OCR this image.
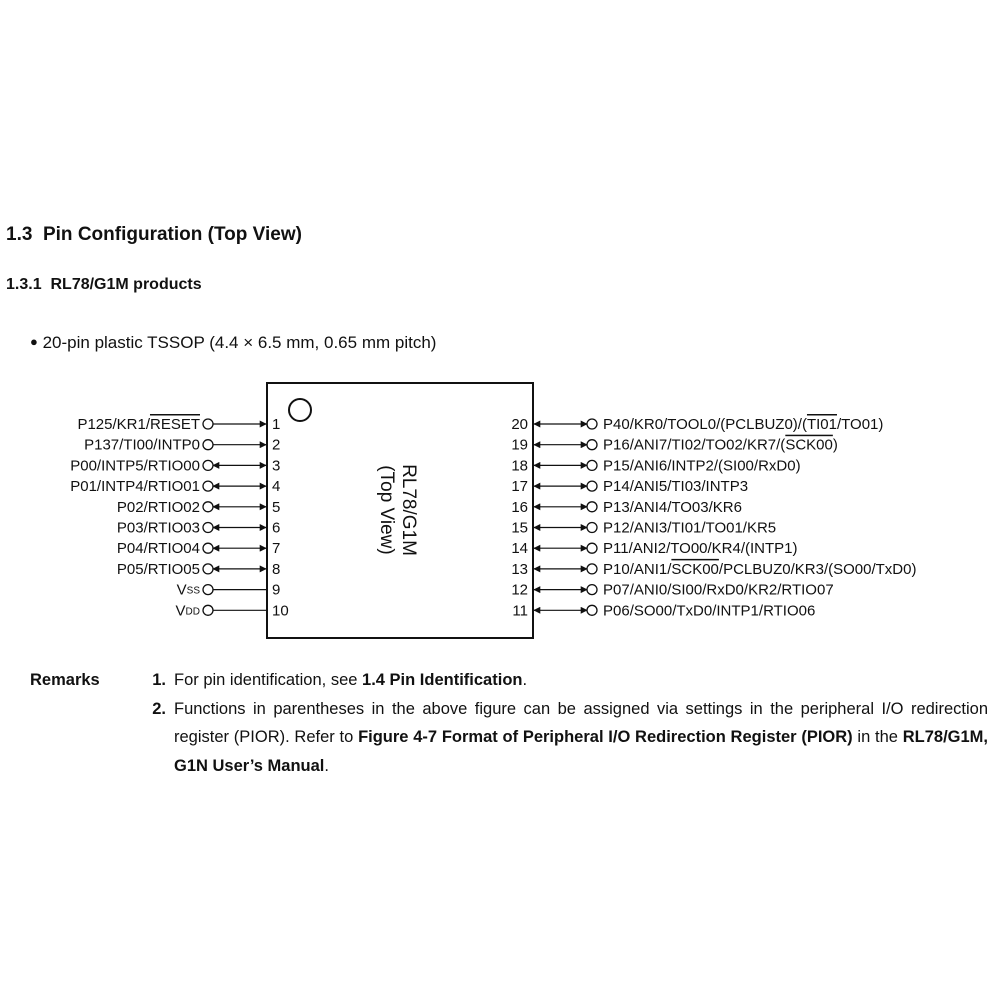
1.3 Pin Configuration (Top View)
1.3.1 RL78/G1M products
● 20-pin plastic TSSOP (4.4 × 6.5 mm, 0.65 mm pitch)
RL78/G1M
(Top View)
P125/KR1/RESET	1
P137/TI00/INTP0	2
P00/INTP5/RTIO00	3
P01/INTP4/RTIO01	4
P02/RTIO02	5
P03/RTIO03	6
P04/RTIO04	7
P05/RTIO05	8
VSS	9
VDD	10
20	P40/KR0/TOOL0/(PCLBUZ0)/(TI01/TO01)
19	P16/ANI7/TI02/TO02/KR7/(SCK00)
18	P15/ANI6/INTP2/(SI00/RxD0)
17	P14/ANI5/TI03/INTP3
16	P13/ANI4/TO03/KR6
15	P12/ANI3/TI01/TO01/KR5
14	P11/ANI2/TO00/KR4/(INTP1)
13	P10/ANI1/SCK00/PCLBUZ0/KR3/(SO00/TxD0)
12	P07/ANI0/SI00/RxD0/KR2/RTIO07
11	P06/SO00/TxD0/INTP1/RTIO06
Remarks	1. For pin identification, see 1.4 Pin Identification.
2. Functions in parentheses in the above figure can be assigned via settings in the peripheral I/O redirection register (PIOR). Refer to Figure 4-7 Format of Peripheral I/O Redirection Register (PIOR) in the RL78/G1M, G1N User’s Manual.
